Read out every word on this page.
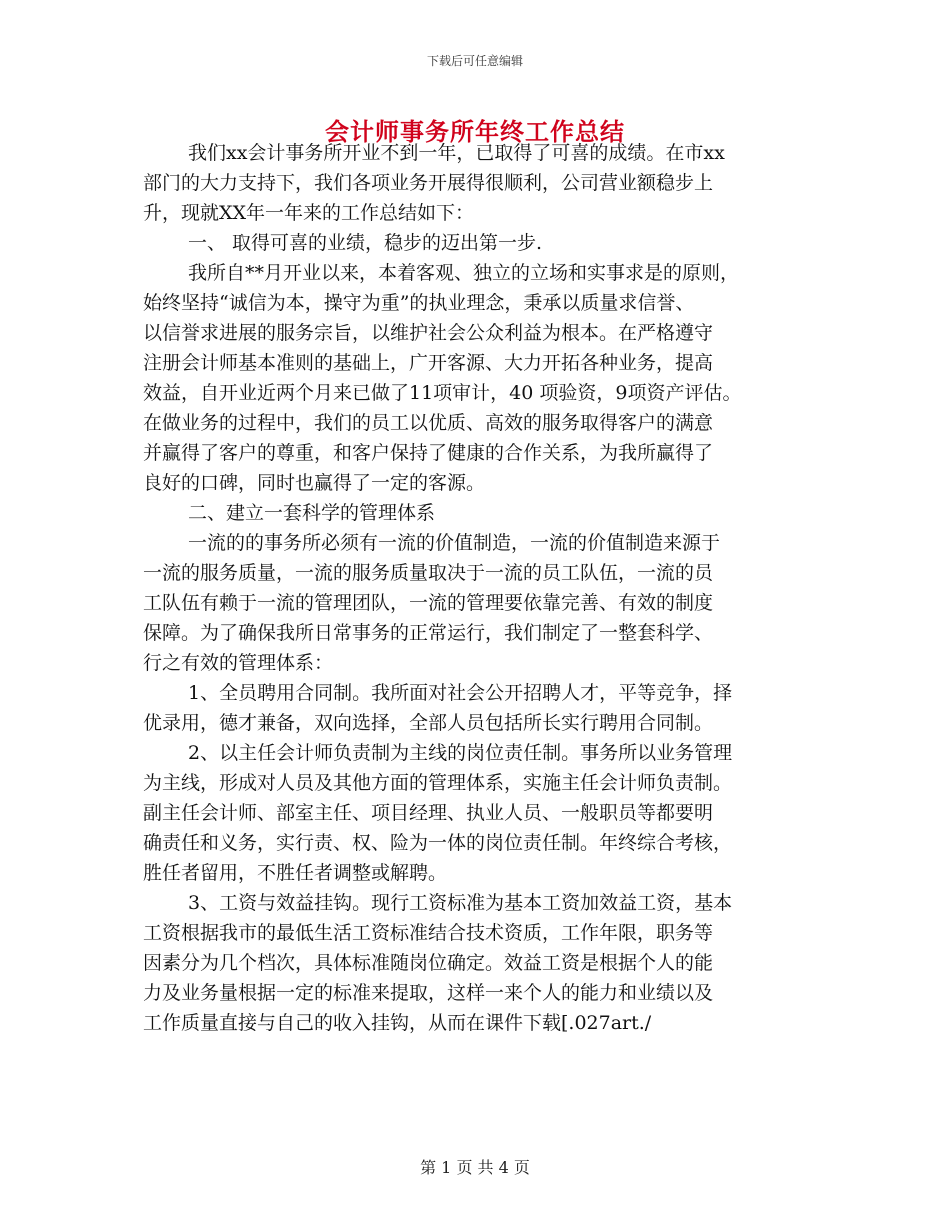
下载后可任意编辑
会计师事务所年终工作总结
我们xx会计事务所开业不到一年，已取得了可喜的成绩。在市xx
部门的大力支持下，我们各项业务开展得很顺利，公司营业额稳步上
升，现就XX年一年来的工作总结如下：
一、 取得可喜的业绩，稳步的迈出第一步.
我所自**月开业以来，本着客观、独立的立场和实事求是的原则，
始终坚持“诚信为本，操守为重”的执业理念，秉承以质量求信誉、
以信誉求进展的服务宗旨，以维护社会公众利益为根本。在严格遵守
注册会计师基本准则的基础上，广开客源、大力开拓各种业务，提高
效益，自开业近两个月来已做了11项审计，40 项验资，9项资产评估。
在做业务的过程中，我们的员工以优质、高效的服务取得客户的满意
并赢得了客户的尊重，和客户保持了健康的合作关系，为我所赢得了
良好的口碑，同时也赢得了一定的客源。
二、建立一套科学的管理体系
一流的的事务所必须有一流的价值制造，一流的价值制造来源于
一流的服务质量，一流的服务质量取决于一流的员工队伍，一流的员
工队伍有赖于一流的管理团队，一流的管理要依靠完善、有效的制度
保障。为了确保我所日常事务的正常运行，我们制定了一整套科学、
行之有效的管理体系：
1、全员聘用合同制。我所面对社会公开招聘人才，平等竞争，择
优录用，德才兼备，双向选择，全部人员包括所长实行聘用合同制。
2、以主任会计师负责制为主线的岗位责任制。事务所以业务管理
为主线，形成对人员及其他方面的管理体系，实施主任会计师负责制。
副主任会计师、部室主任、项目经理、执业人员、一般职员等都要明
确责任和义务，实行责、权、险为一体的岗位责任制。年终综合考核，
胜任者留用，不胜任者调整或解聘。
3、工资与效益挂钩。现行工资标准为基本工资加效益工资，基本
工资根据我市的最低生活工资标准结合技术资质，工作年限，职务等
因素分为几个档次，具体标准随岗位确定。效益工资是根据个人的能
力及业务量根据一定的标准来提取，这样一来个人的能力和业绩以及
工作质量直接与自己的收入挂钩，从而在课件下载[.027art./
第 1 页 共 4 页
